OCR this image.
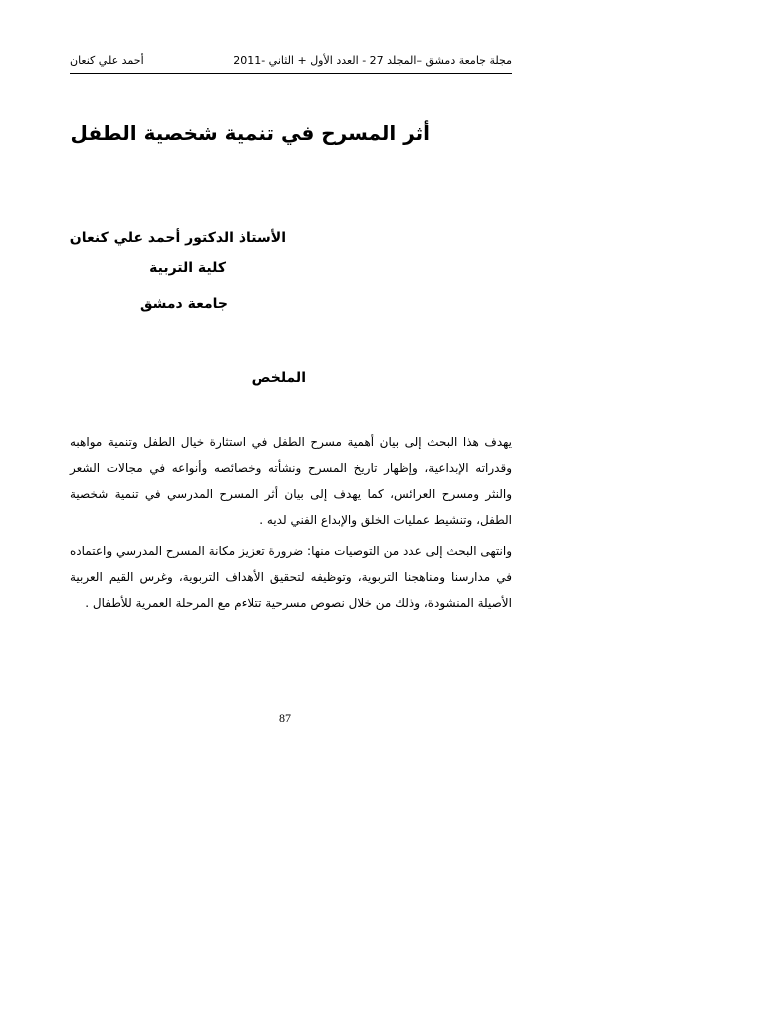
مجلة جامعة دمشق –المجلد 27 - العدد الأول + الثاني -2011
أحمد علي كنعان
أثر المسرح في تنمية شخصية الطفل
الأستاذ الدكتور أحمد علي كنعان
كلية التربية
جامعة دمشق
الملخص

يهدف هذا البحث إلى بيان أهمية مسرح الطفل في استثارة خيال الطفل وتنمية مواهبه وقدراته الإبداعية، وإظهار تاريخ المسرح ونشأته وخصائصه وأنواعه في مجالات الشعر والنثر ومسرح العرائس، كما يهدف إلى بيان أثر المسرح المدرسي في تنمية شخصية الطفل، وتنشيط عمليات الخلق والإبداع الفني لديه .

وانتهى البحث إلى عدد من التوصيات منها: ضرورة تعزيز مكانة المسرح المدرسي واعتماده في مدارسنا ومناهجنا التربوية، وتوظيفه لتحقيق الأهداف التربوية، وغرس القيم العربية الأصيلة المنشودة، وذلك من خلال نصوص مسرحية تتلاءم مع المرحلة العمرية للأطفال .

87
